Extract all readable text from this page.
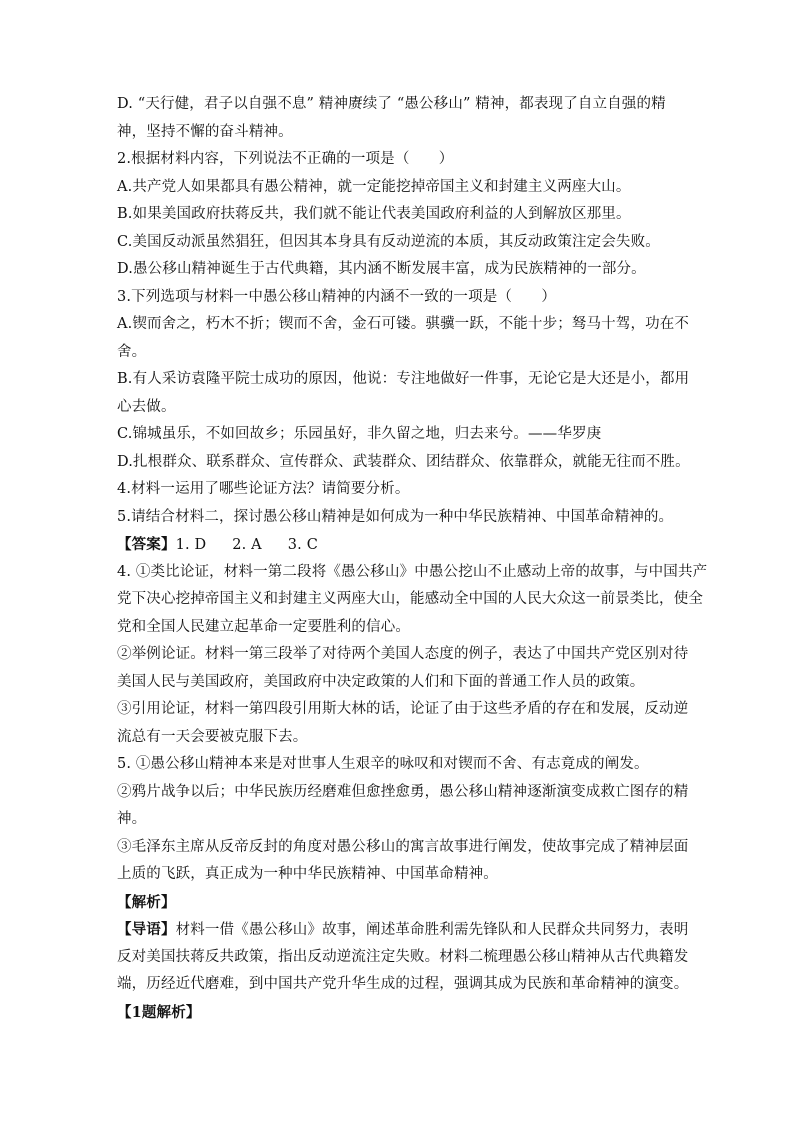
D. “天行健，君子以自强不息” 精神赓续了 “愚公移山” 精神，都表现了自立自强的精
神，坚持不懈的奋斗精神。
2.根据材料内容，下列说法不正确的一项是（　　）
A.共产党人如果都具有愚公精神，就一定能挖掉帝国主义和封建主义两座大山。
B.如果美国政府扶蒋反共，我们就不能让代表美国政府利益的人到解放区那里。
C.美国反动派虽然猖狂，但因其本身具有反动逆流的本质，其反动政策注定会失败。
D.愚公移山精神诞生于古代典籍，其内涵不断发展丰富，成为民族精神的一部分。
3.下列选项与材料一中愚公移山精神的内涵不一致的一项是（　　）
A.锲而舍之，朽木不折；锲而不舍，金石可镂。骐骥一跃，不能十步；驽马十驾，功在不
舍。
B.有人采访袁隆平院士成功的原因，他说：专注地做好一件事，无论它是大还是小，都用
心去做。
C.锦城虽乐，不如回故乡；乐园虽好，非久留之地，归去来兮。——华罗庚
D.扎根群众、联系群众、宣传群众、武装群众、团结群众、依靠群众，就能无往而不胜。
4.材料一运用了哪些论证方法？请简要分析。
5.请结合材料二，探讨愚公移山精神是如何成为一种中华民族精神、中国革命精神的。
【答案】1. D 2. A 3. C
4. ①类比论证，材料一第二段将《愚公移山》中愚公挖山不止感动上帝的故事，与中国共产
党下决心挖掉帝国主义和封建主义两座大山，能感动全中国的人民大众这一前景类比，使全
党和全国人民建立起革命一定要胜利的信心。
②举例论证。材料一第三段举了对待两个美国人态度的例子，表达了中国共产党区别对待
美国人民与美国政府，美国政府中决定政策的人们和下面的普通工作人员的政策。
③引用论证，材料一第四段引用斯大林的话，论证了由于这些矛盾的存在和发展，反动逆
流总有一天会要被克服下去。
5. ①愚公移山精神本来是对世事人生艰辛的咏叹和对锲而不舍、有志竟成的阐发。
②鸦片战争以后；中华民族历经磨难但愈挫愈勇，愚公移山精神逐渐演变成救亡图存的精
神。
③毛泽东主席从反帝反封的角度对愚公移山的寓言故事进行阐发，使故事完成了精神层面
上质的飞跃，真正成为一种中华民族精神、中国革命精神。
【解析】
【导语】材料一借《愚公移山》故事，阐述革命胜利需先锋队和人民群众共同努力，表明
反对美国扶蒋反共政策，指出反动逆流注定失败。材料二梳理愚公移山精神从古代典籍发
端，历经近代磨难，到中国共产党升华生成的过程，强调其成为民族和革命精神的演变。
【1题解析】
